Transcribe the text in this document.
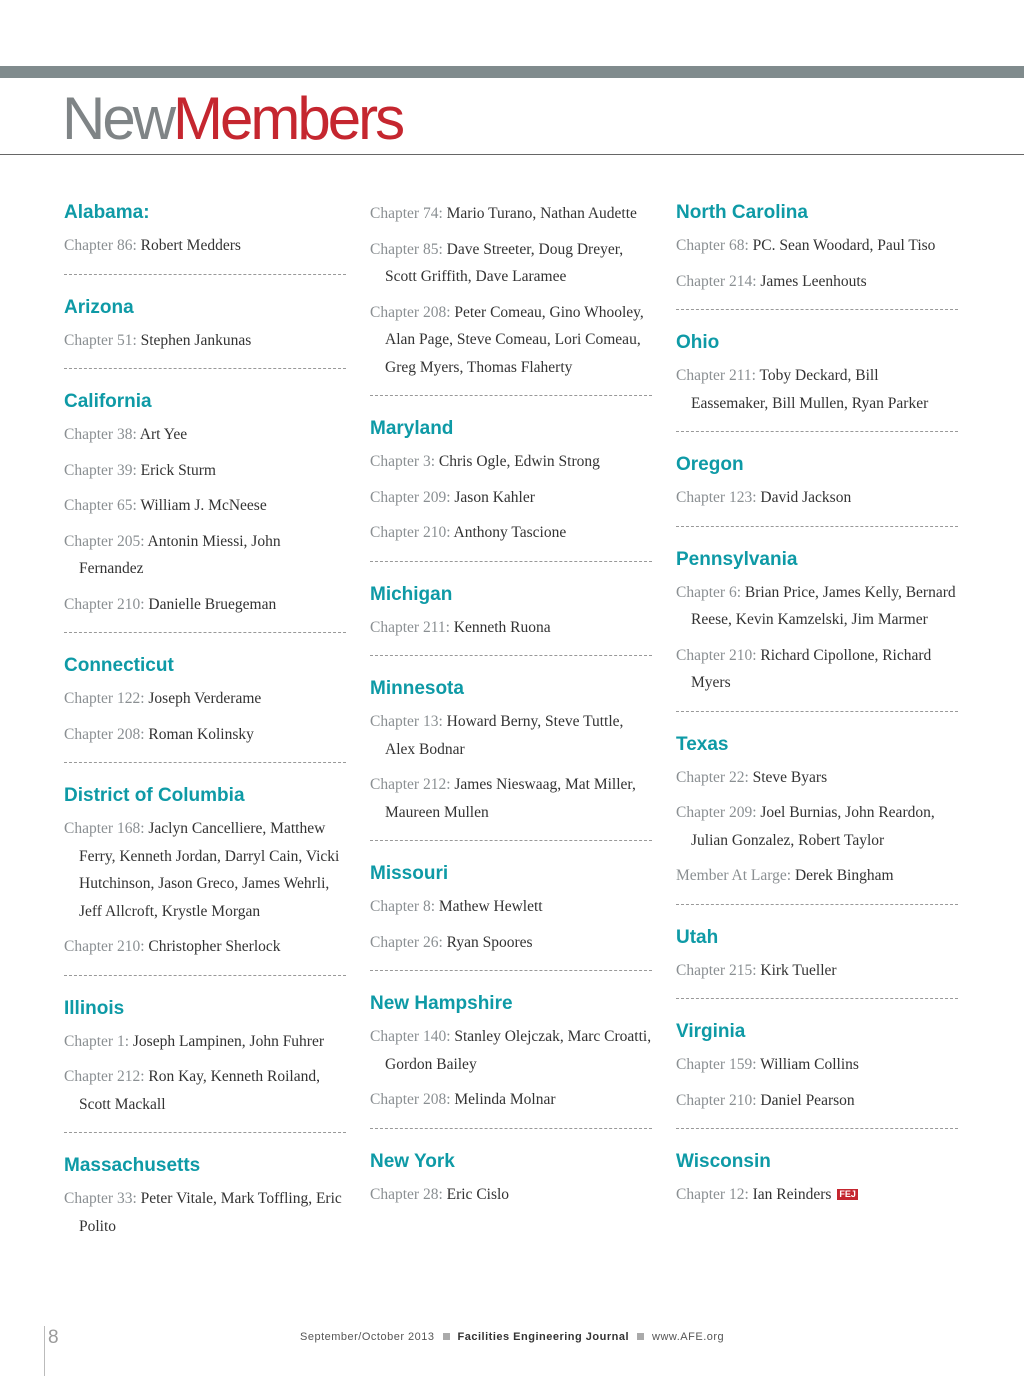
NewMembers
Alabama:
Chapter 86: Robert Medders
Arizona
Chapter 51: Stephen Jankunas
California
Chapter 38: Art Yee
Chapter 39: Erick Sturm
Chapter 65: William J. McNeese
Chapter 205: Antonin Miessi, John Fernandez
Chapter 210: Danielle Bruegeman
Connecticut
Chapter 122: Joseph Verderame
Chapter 208: Roman Kolinsky
District of Columbia
Chapter 168: Jaclyn Cancelliere, Matthew Ferry, Kenneth Jordan, Darryl Cain, Vicki Hutchinson, Jason Greco, James Wehrli, Jeff Allcroft, Krystle Morgan
Chapter 210: Christopher Sherlock
Illinois
Chapter 1: Joseph Lampinen, John Fuhrer
Chapter 212: Ron Kay, Kenneth Roiland, Scott Mackall
Massachusetts
Chapter 33: Peter Vitale, Mark Toffling, Eric Polito
Chapter 74: Mario Turano, Nathan Audette
Chapter 85: Dave Streeter, Doug Dreyer, Scott Griffith, Dave Laramee
Chapter 208: Peter Comeau, Gino Whooley, Alan Page, Steve Comeau, Lori Comeau, Greg Myers, Thomas Flaherty
Maryland
Chapter 3: Chris Ogle, Edwin Strong
Chapter 209: Jason Kahler
Chapter 210: Anthony Tascione
Michigan
Chapter 211: Kenneth Ruona
Minnesota
Chapter 13: Howard Berny, Steve Tuttle, Alex Bodnar
Chapter 212: James Nieswaag, Mat Miller, Maureen Mullen
Missouri
Chapter 8: Mathew Hewlett
Chapter 26: Ryan Spoores
New Hampshire
Chapter 140: Stanley Olejczak, Marc Croatti, Gordon Bailey
Chapter 208: Melinda Molnar
New York
Chapter 28: Eric Cislo
North Carolina
Chapter 68: PC. Sean Woodard, Paul Tiso
Chapter 214: James Leenhouts
Ohio
Chapter 211: Toby Deckard, Bill Eassemaker, Bill Mullen, Ryan Parker
Oregon
Chapter 123: David Jackson
Pennsylvania
Chapter 6: Brian Price, James Kelly, Bernard Reese, Kevin Kamzelski, Jim Marmer
Chapter 210: Richard Cipollone, Richard Myers
Texas
Chapter 22: Steve Byars
Chapter 209: Joel Burnias, John Reardon, Julian Gonzalez, Robert Taylor
Member At Large: Derek Bingham
Utah
Chapter 215: Kirk Tueller
Virginia
Chapter 159: William Collins
Chapter 210: Daniel Pearson
Wisconsin
Chapter 12: Ian Reinders FEJ
8	September/October 2013 Facilities Engineering Journal www.AFE.org
